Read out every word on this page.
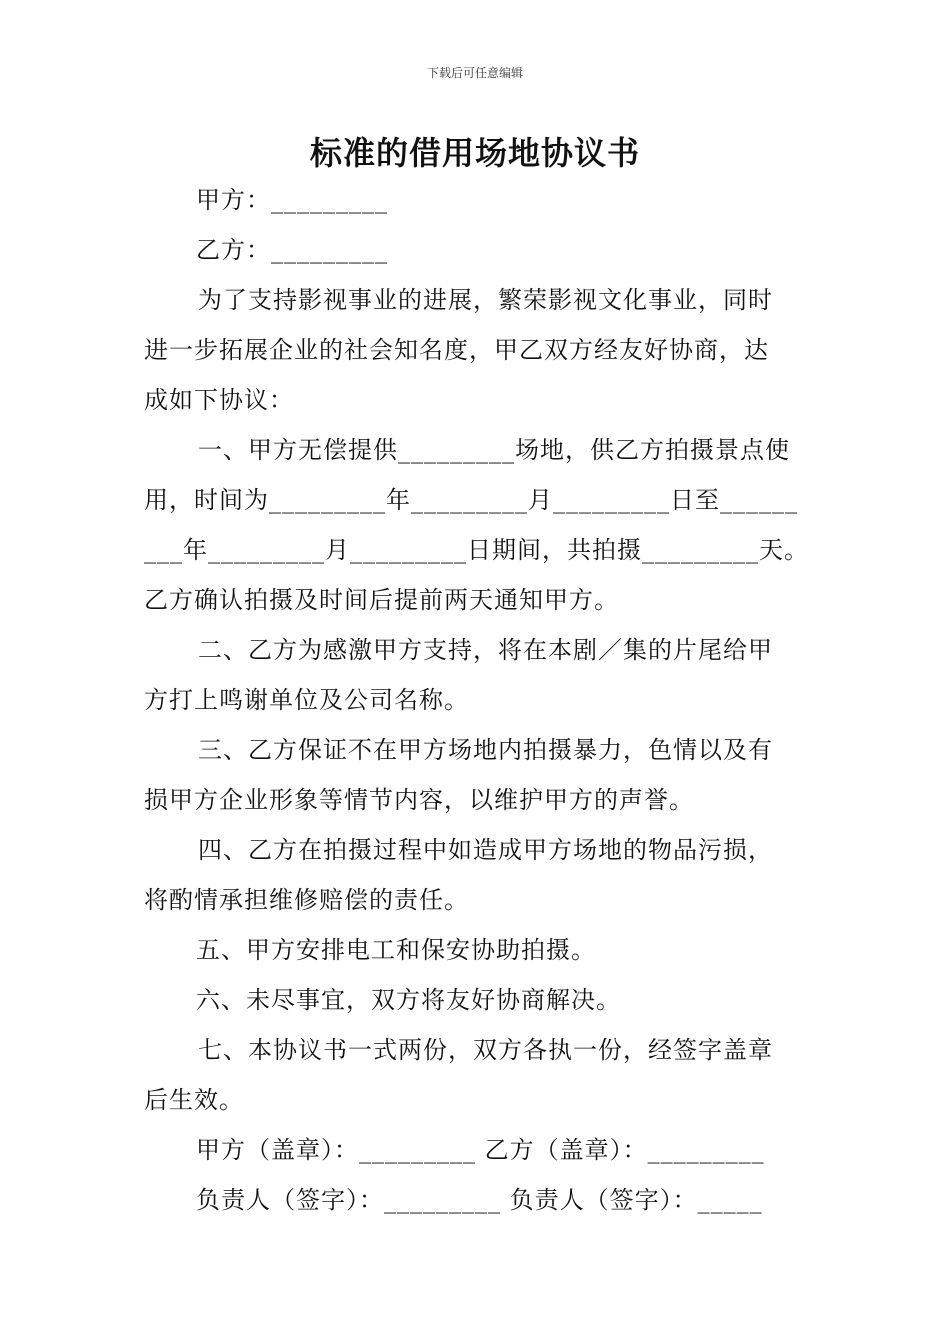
下载后可任意编辑
标准的借用场地协议书
甲方：_________
乙方：_________
为了支持影视事业的进展，繁荣影视文化事业，同时
进一步拓展企业的社会知名度，甲乙双方经友好协商，达
成如下协议：
一、甲方无偿提供_________场地，供乙方拍摄景点使
用，时间为_________年_________月_________日至______
___年_________月_________日期间，共拍摄_________天。
乙方确认拍摄及时间后提前两天通知甲方。
二、乙方为感激甲方支持，将在本剧／集的片尾给甲
方打上鸣谢单位及公司名称。
三、乙方保证不在甲方场地内拍摄暴力，色情以及有
损甲方企业形象等情节内容，以维护甲方的声誉。
四、乙方在拍摄过程中如造成甲方场地的物品污损，
将酌情承担维修赔偿的责任。
五、甲方安排电工和保安协助拍摄。
六、未尽事宜，双方将友好协商解决。
七、本协议书一式两份，双方各执一份，经签字盖章
后生效。
甲方（盖章）：_________ 乙方（盖章）：_________
负责人（签字）：_________ 负责人（签字）：_____
